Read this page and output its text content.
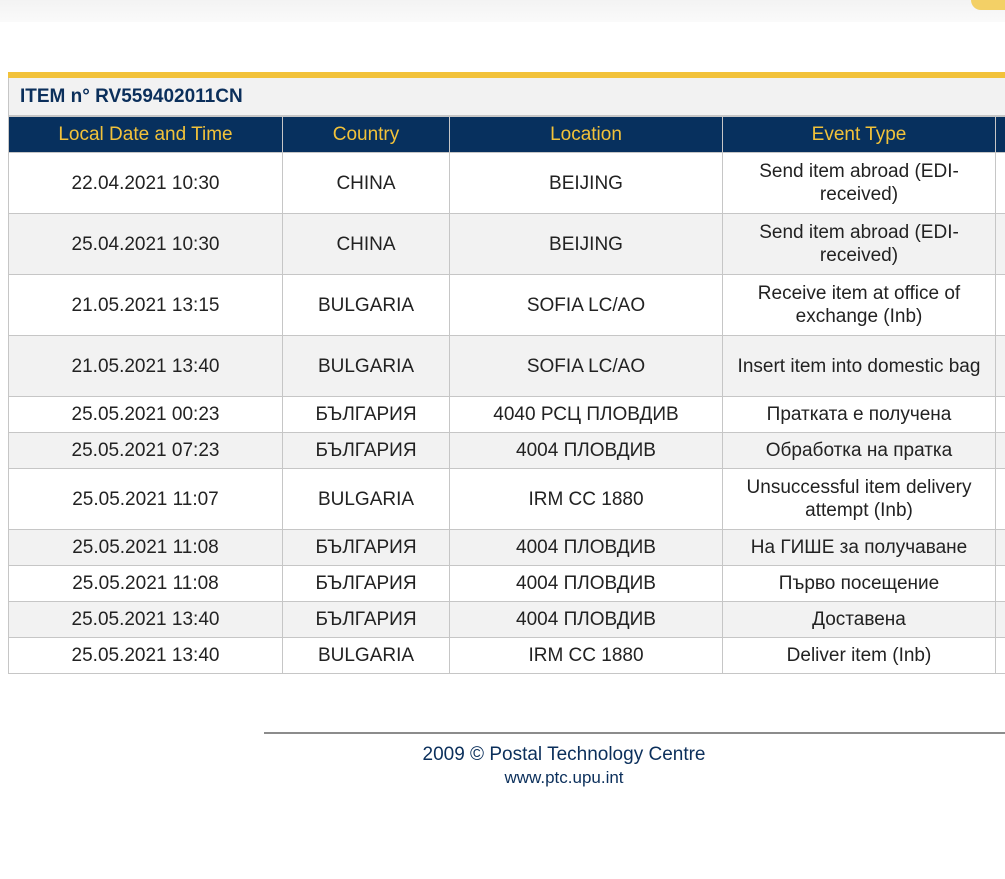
ITEM n° RV559402011CN
Local Date and Time	Country	Location	Event Type	
22.04.2021 10:30	CHINA	BEIJING	Send item abroad (EDI-received)	
25.04.2021 10:30	CHINA	BEIJING	Send item abroad (EDI-received)	
21.05.2021 13:15	BULGARIA	SOFIA LC/AO	Receive item at office of exchange (Inb)	
21.05.2021 13:40	BULGARIA	SOFIA LC/AO	Insert item into domestic bag	
25.05.2021 00:23	БЪЛГАРИЯ	4040 РСЦ ПЛОВДИВ	Пратката е получена	
25.05.2021 07:23	БЪЛГАРИЯ	4004 ПЛОВДИВ	Обработка на пратка	
25.05.2021 11:07	BULGARIA	IRM CC 1880	Unsuccessful item delivery attempt (Inb)	
25.05.2021 11:08	БЪЛГАРИЯ	4004 ПЛОВДИВ	На ГИШЕ за получаване	
25.05.2021 11:08	БЪЛГАРИЯ	4004 ПЛОВДИВ	Първо посещение	
25.05.2021 13:40	БЪЛГАРИЯ	4004 ПЛОВДИВ	Доставена	
25.05.2021 13:40	BULGARIA	IRM CC 1880	Deliver item (Inb)	
2009 © Postal Technology Centre
www.ptc.upu.int
